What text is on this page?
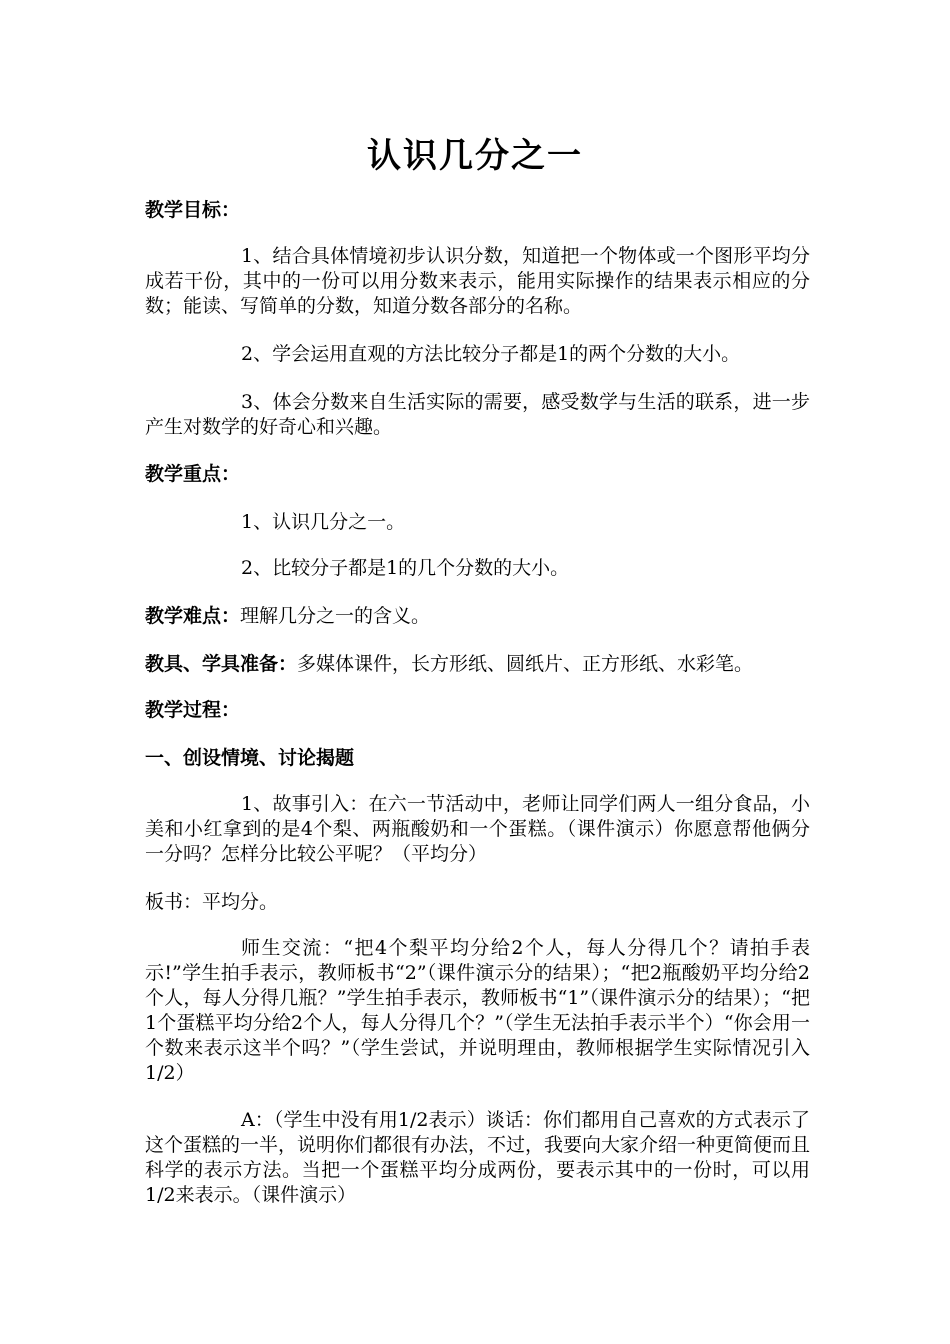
认识几分之一
教学目标：
1、结合具体情境初步认识分数，知道把一个物体或一个图形平均分成若干份，其中的一份可以用分数来表示，能用实际操作的结果表示相应的分数；能读、写简单的分数，知道分数各部分的名称。
2、学会运用直观的方法比较分子都是1的两个分数的大小。
3、体会分数来自生活实际的需要，感受数学与生活的联系，进一步产生对数学的好奇心和兴趣。
教学重点：
1、认识几分之一。
2、比较分子都是1的几个分数的大小。
教学难点：理解几分之一的含义。
教具、学具准备：多媒体课件，长方形纸、圆纸片、正方形纸、水彩笔。
教学过程：
一、创设情境、讨论揭题
1、故事引入：在六一节活动中，老师让同学们两人一组分食品，小美和小红拿到的是4个梨、两瓶酸奶和一个蛋糕。（课件演示）你愿意帮他俩分一分吗？怎样分比较公平呢？（平均分）
板书：平均分。
师生交流：“把4个梨平均分给2个人，每人分得几个？请拍手表示!”学生拍手表示，教师板书“2”（课件演示分的结果）；“把2瓶酸奶平均分给2个人，每人分得几瓶？”学生拍手表示，教师板书“1”（课件演示分的结果）；“把1个蛋糕平均分给2个人，每人分得几个？”（学生无法拍手表示半个）“你会用一个数来表示这半个吗？”（学生尝试，并说明理由，教师根据学生实际情况引入1/2）
A：（学生中没有用1/2表示）谈话：你们都用自己喜欢的方式表示了这个蛋糕的一半，说明你们都很有办法，不过，我要向大家介绍一种更简便而且科学的表示方法。当把一个蛋糕平均分成两份，要表示其中的一份时，可以用1/2来表示。（课件演示）
